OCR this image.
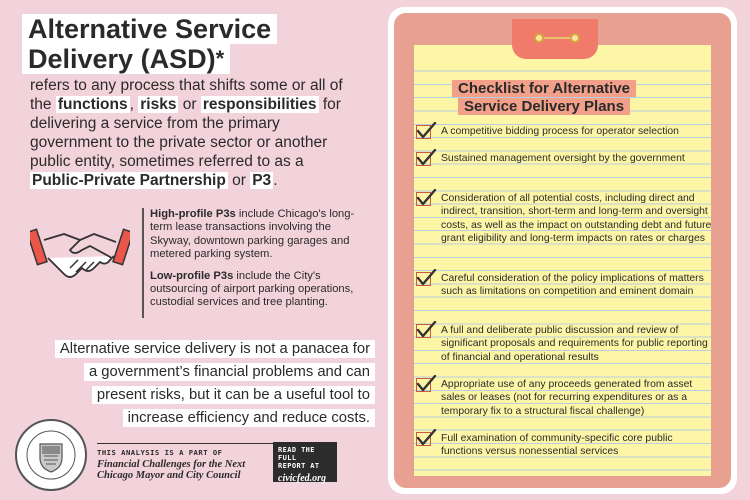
Alternative Service
Delivery (ASD)*
refers to any process that shifts some or all of the functions , risks or responsibilities for delivering a service from the primary government to the private sector or another public entity, sometimes referred to as a Public-Private Partnership or P3 .

High-profile P3s include Chicago's long-term lease transactions involving the Skyway, downtown parking garages and metered parking system.

Low-profile P3s include the City's outsourcing of airport parking operations, custodial services and tree planting.

Alternative service delivery is not a panacea for
a government’s financial problems and can
present risks, but it can be a useful tool to
increase efficiency and reduce costs.
THIS ANALYSIS IS A PART OF
Financial Challenges for the Next
Chicago Mayor and City Council
READ THE FULL
REPORT AT
civicfed.org
Checklist for Alternative
Service Delivery Plans
A competitive bidding process for operator selection
Sustained management oversight by the government
Consideration of all potential costs, including direct and indirect, transition, short-term and long-term and oversight costs, as well as the impact on outstanding debt and future grant eligibility and long-term impacts on rates or charges
Careful consideration of the policy implications of matters such as limitations on competition and eminent domain
A full and deliberate public discussion and review of significant proposals and requirements for public reporting of financial and operational results
Appropriate use of any proceeds generated from asset sales or leases (not for recurring expenditures or as a temporary fix to a structural fiscal challenge)
Full examination of community-specific core public functions versus nonessential services
